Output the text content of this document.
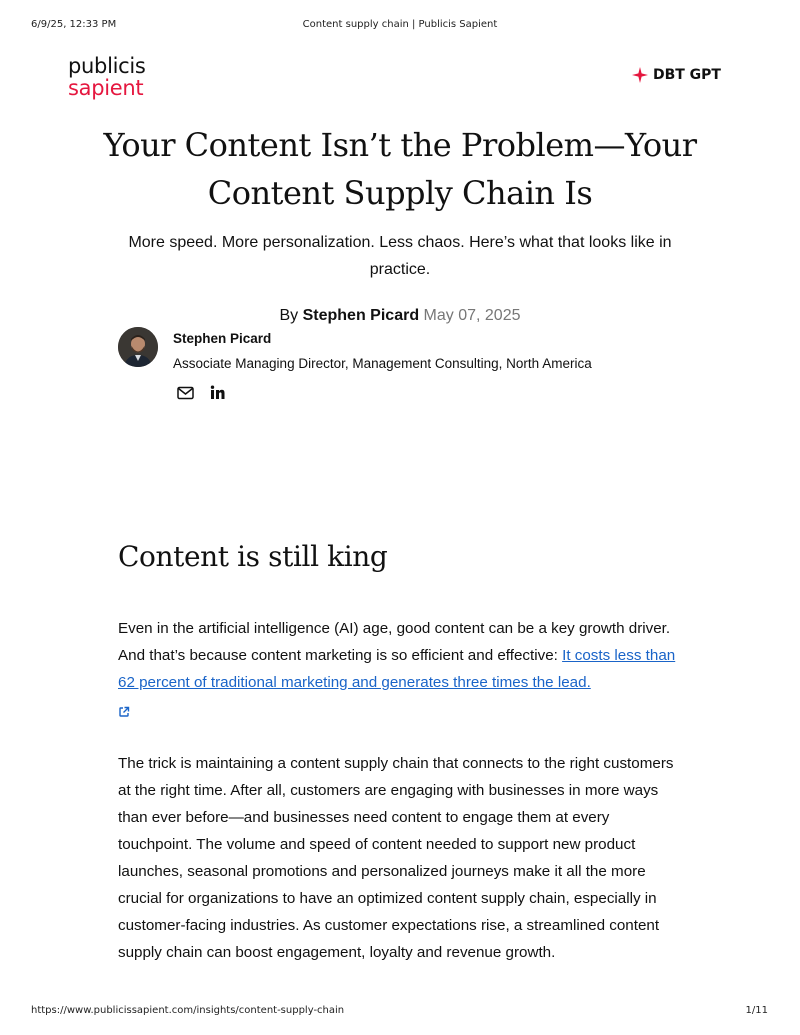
6/9/25, 12:33 PM	Content supply chain | Publicis Sapient
publicis
sapient
DBT GPT
Your Content Isn’t the Problem—Your Content Supply Chain Is

More speed. More personalization. Less chaos. Here’s what that looks like in practice.

By Stephen Picard May 07, 2025
Stephen Picard
Associate Managing Director, Management Consulting, North America
Content is still king

Even in the artificial intelligence (AI) age, good content can be a key growth driver. And that’s because content marketing is so efficient and effective: It costs less than 62 percent of traditional marketing and generates three times the lead.

The trick is maintaining a content supply chain that connects to the right customers at the right time. After all, customers are engaging with businesses in more ways than ever before—and businesses need content to engage them at every touchpoint. The volume and speed of content needed to support new product launches, seasonal promotions and personalized journeys make it all the more crucial for organizations to have an optimized content supply chain, especially in customer-facing industries. As customer expectations rise, a streamlined content supply chain can boost engagement, loyalty and revenue growth.

https://www.publicissapient.com/insights/content-supply-chain	1/11
